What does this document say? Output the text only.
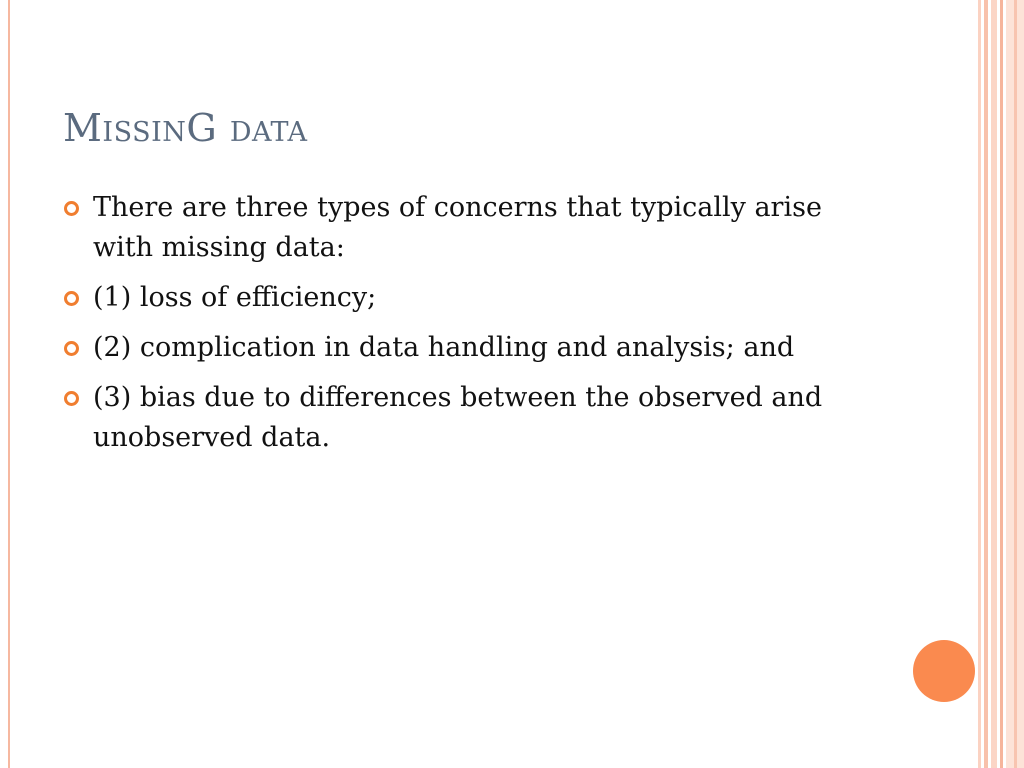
MissinG data
There are three types of concerns that typically arise with missing data:
(1) loss of efficiency;
(2) complication in data handling and analysis; and
(3) bias due to differences between the observed and unobserved data.
